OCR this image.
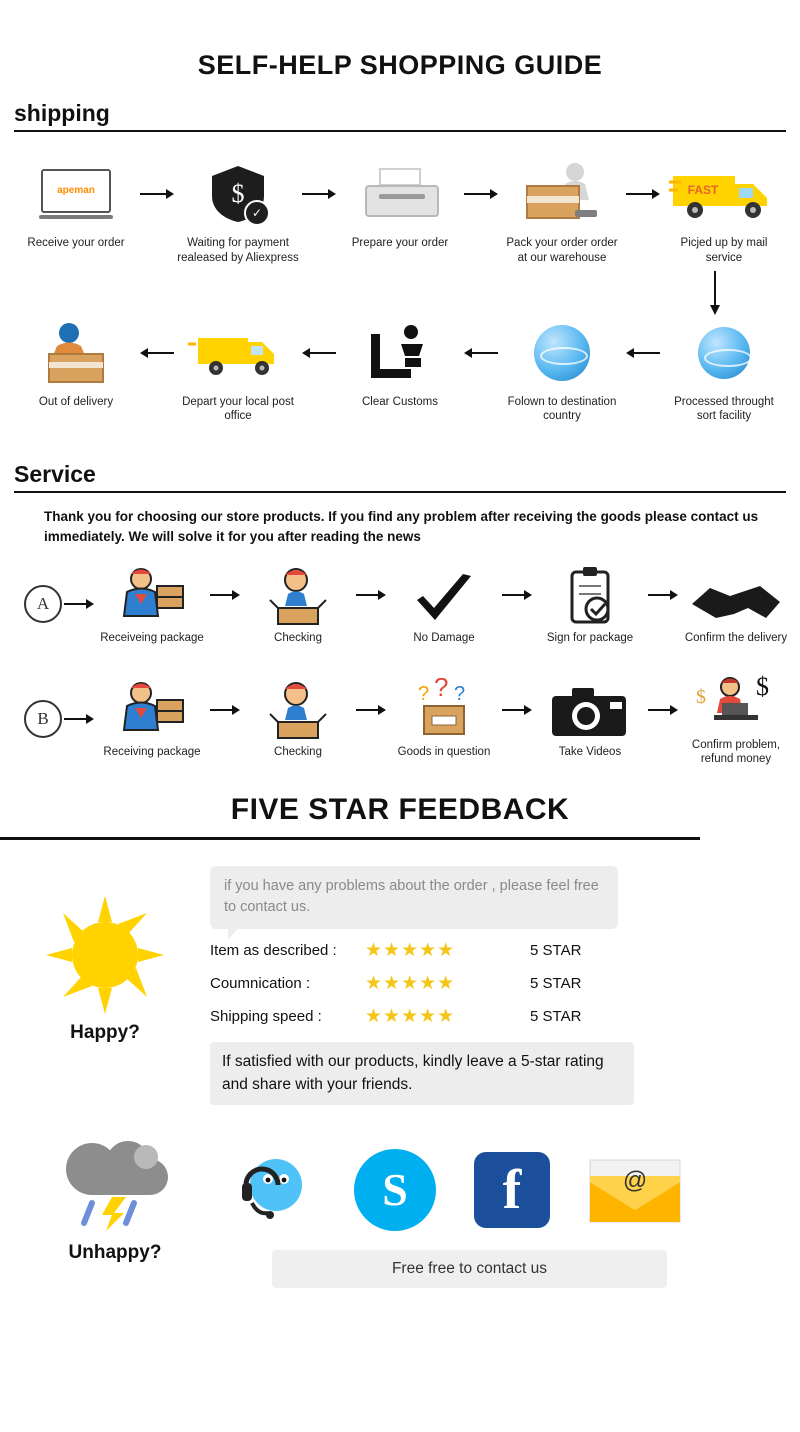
SELF-HELP SHOPPING GUIDE
shipping
apeman
Receive your order
$
✓
Waiting for payment realeased by Aliexpress
Prepare your order	Pack your order order at our warehouse
FAST
Picjed up by mail service
Out of delivery	Depart your local post office
Clear Customs	Folown to destination country
Processed throught sort facility
Service
Thank you for choosing our store products. If you find any problem after receiving the goods please contact us immediately. We will solve it for you after reading the news
A
Receiveing package	Checking	No Damage	Sign for package	Confirm the delivery
B
Receiving package	Checking
? ? ?
Goods in question	Take Videos
$ $
Confirm problem, refund money
FIVE STAR FEEDBACK
Happy?
if you have any problems about the order , please feel free to contact us.
Item as described :	★★★★★	5 STAR
Coumnication :	★★★★★	5 STAR
Shipping speed :	★★★★★	5 STAR
If satisfied with our products, kindly leave a 5-star rating and share with your friends.
Unhappy?
S f	@
Free free to contact us
